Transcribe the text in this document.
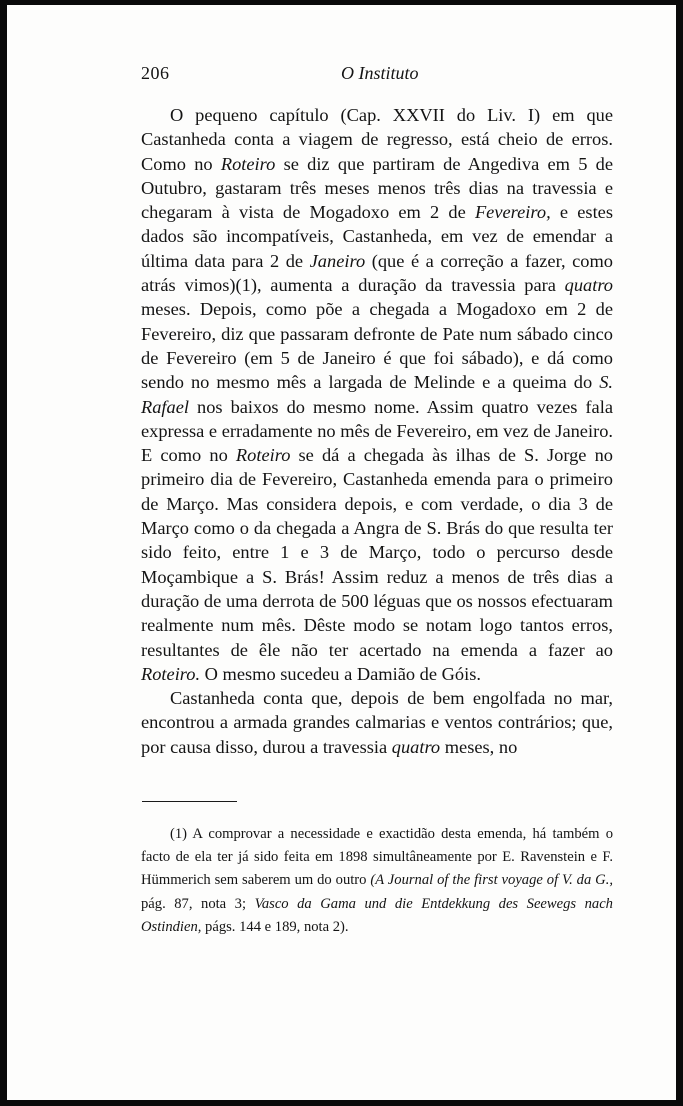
206	O Instituto

O pequeno capítulo (Cap. XXVII do Liv. I) em que Castanheda conta a viagem de regresso, está cheio de erros. Como no Roteiro se diz que partiram de Angediva em 5 de Outubro, gastaram três meses menos três dias na travessia e chegaram à vista de Mogadoxo em 2 de Fevereiro, e estes dados são incompatíveis, Castanheda, em vez de emendar a última data para 2 de Janeiro (que é a correção a fazer, como atrás vimos)(1), aumenta a duração da travessia para quatro meses. Depois, como põe a chegada a Mogadoxo em 2 de Fevereiro, diz que passaram defronte de Pate num sábado cinco de Fevereiro (em 5 de Janeiro é que foi sábado), e dá como sendo no mesmo mês a largada de Melinde e a queima do S. Rafael nos baixos do mesmo nome. Assim quatro vezes fala expressa e erradamente no mês de Fevereiro, em vez de Janeiro. E como no Roteiro se dá a chegada às ilhas de S. Jorge no primeiro dia de Fevereiro, Castanheda emenda para o primeiro de Março. Mas considera depois, e com verdade, o dia 3 de Março como o da chegada a Angra de S. Brás do que resulta ter sido feito, entre 1 e 3 de Março, todo o percurso desde Moçambique a S. Brás! Assim reduz a menos de três dias a duração de uma derrota de 500 léguas que os nossos efectuaram realmente num mês. Dêste modo se notam logo tantos erros, resultantes de êle não ter acertado na emenda a fazer ao Roteiro. O mesmo sucedeu a Damião de Góis.

Castanheda conta que, depois de bem engolfada no mar, encontrou a armada grandes calmarias e ventos contrários; que, por causa disso, durou a travessia quatro meses, no

(1) A comprovar a necessidade e exactidão desta emenda, há também o facto de ela ter já sido feita em 1898 simultâneamente por E. Ravenstein e F. Hümmerich sem saberem um do outro (A Journal of the first voyage of V. da G., pág. 87, nota 3; Vasco da Gama und die Entdekkung des Seewegs nach Ostindien, págs. 144 e 189, nota 2).
